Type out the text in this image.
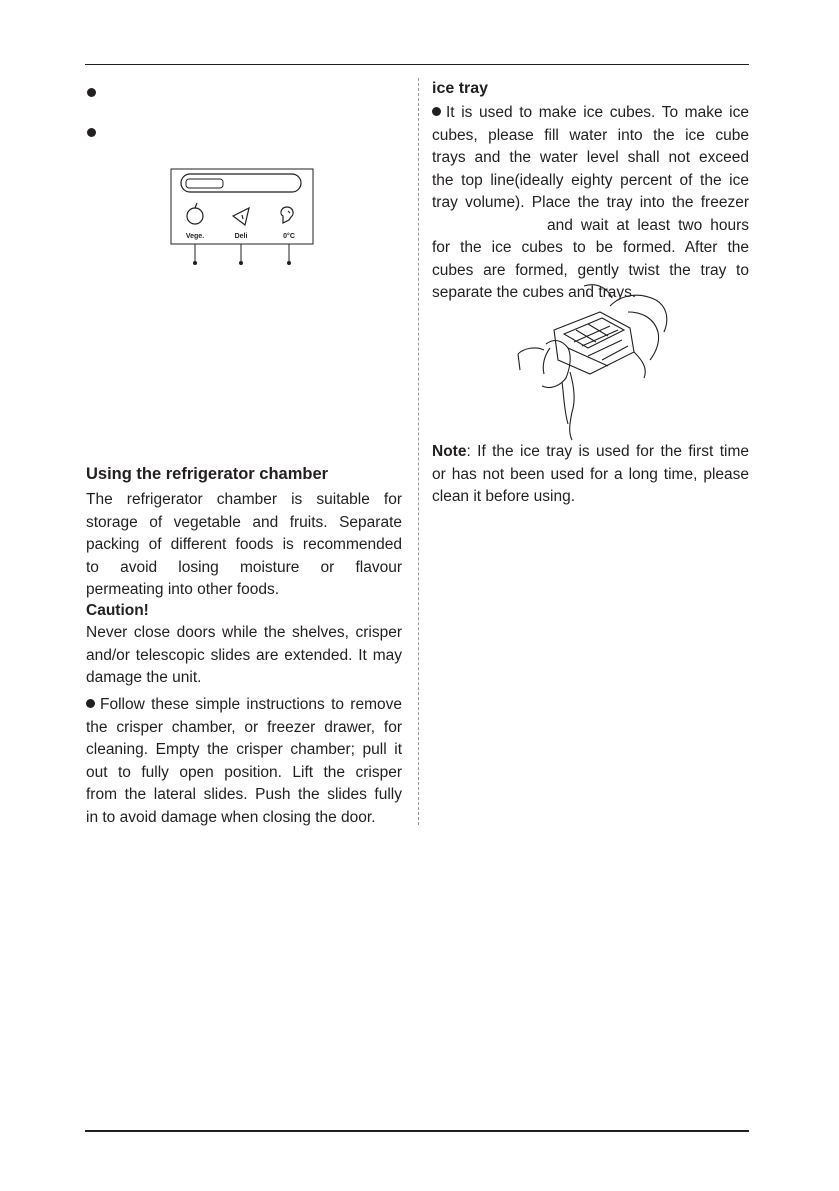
Vege.	Deli	0°C
Using the refrigerator chamber
The refrigerator chamber is suitable for
storage of vegetable and fruits. Separate
packing of different foods is recommended
to avoid losing moisture or flavour
permeating into other foods.
Caution!
Never close doors while the shelves, crisper
and/or telescopic slides are extended. It may
damage the unit.
Follow these simple instructions to remove
the crisper chamber, or freezer drawer, for
cleaning. Empty the crisper chamber; pull it
out to fully open position. Lift the crisper
from the lateral slides. Push the slides fully
in to avoid damage when closing the door.
ice tray
It is used to make ice cubes. To make ice
cubes, please fill water into the ice cube
trays and the water level shall not exceed
the top line(ideally eighty percent of the ice
tray volume). Place the tray into the freezer
and wait at least two hours
for the ice cubes to be formed. After the
cubes are formed, gently twist the tray to
separate the cubes and trays.
Note: If the ice tray is used for the first time
or has not been used for a long time, please
clean it before using.
